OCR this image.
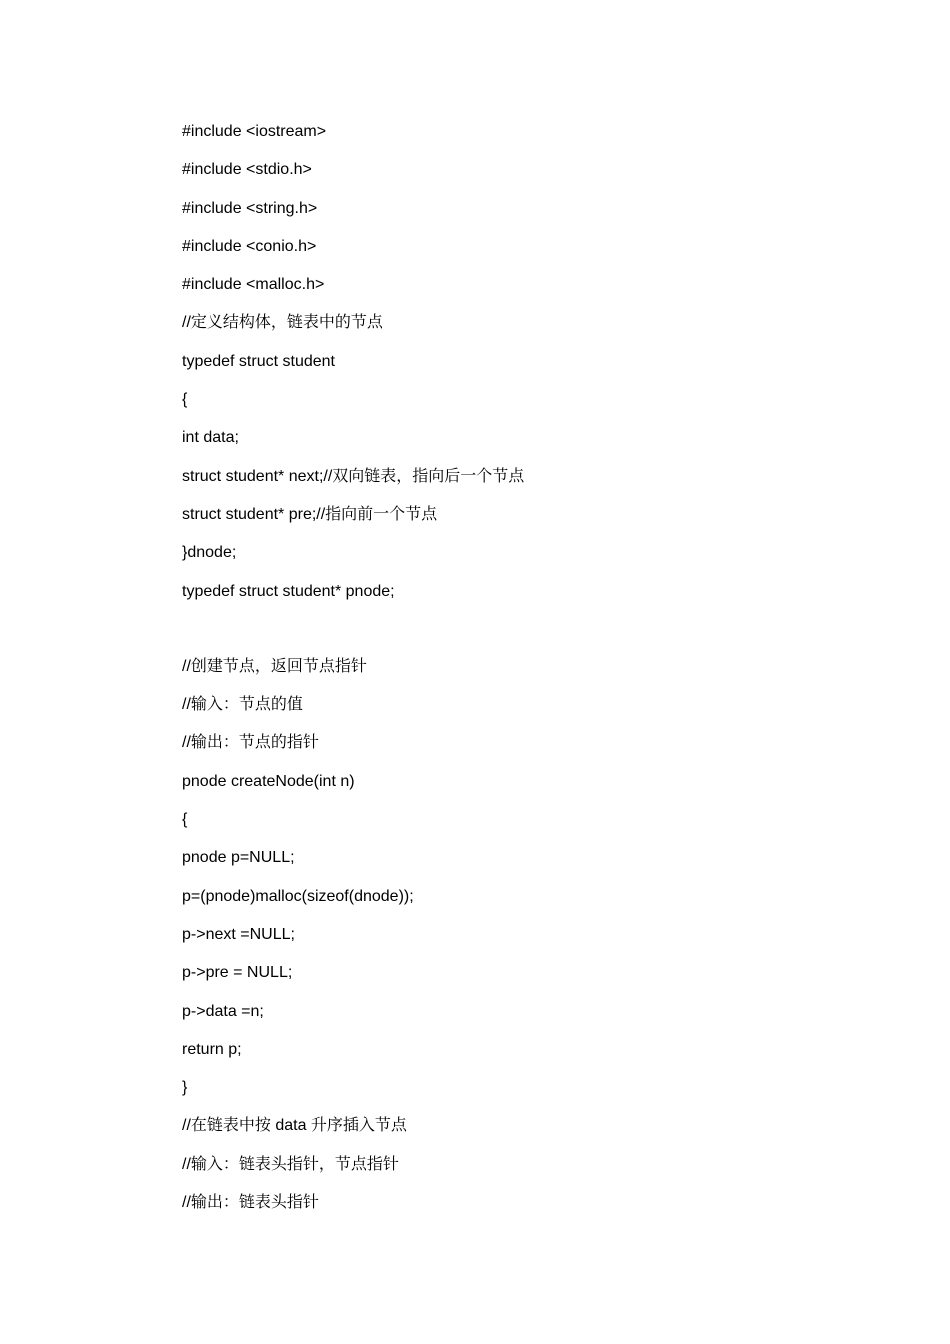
#include <iostream>
#include <stdio.h>
#include <string.h>
#include <conio.h>
#include <malloc.h>
//定义结构体，链表中的节点
typedef struct student
{
int data;
struct student* next;//双向链表，指向后一个节点
struct student* pre;//指向前一个节点
}dnode;
typedef struct student* pnode;
//创建节点，返回节点指针
//输入：节点的值
//输出：节点的指针
pnode createNode(int n)
{
pnode p=NULL;
p=(pnode)malloc(sizeof(dnode));
p->next =NULL;
p->pre = NULL;
p->data =n;
return p;
}
//在链表中按 data 升序插入节点
//输入：链表头指针，节点指针
//输出：链表头指针
